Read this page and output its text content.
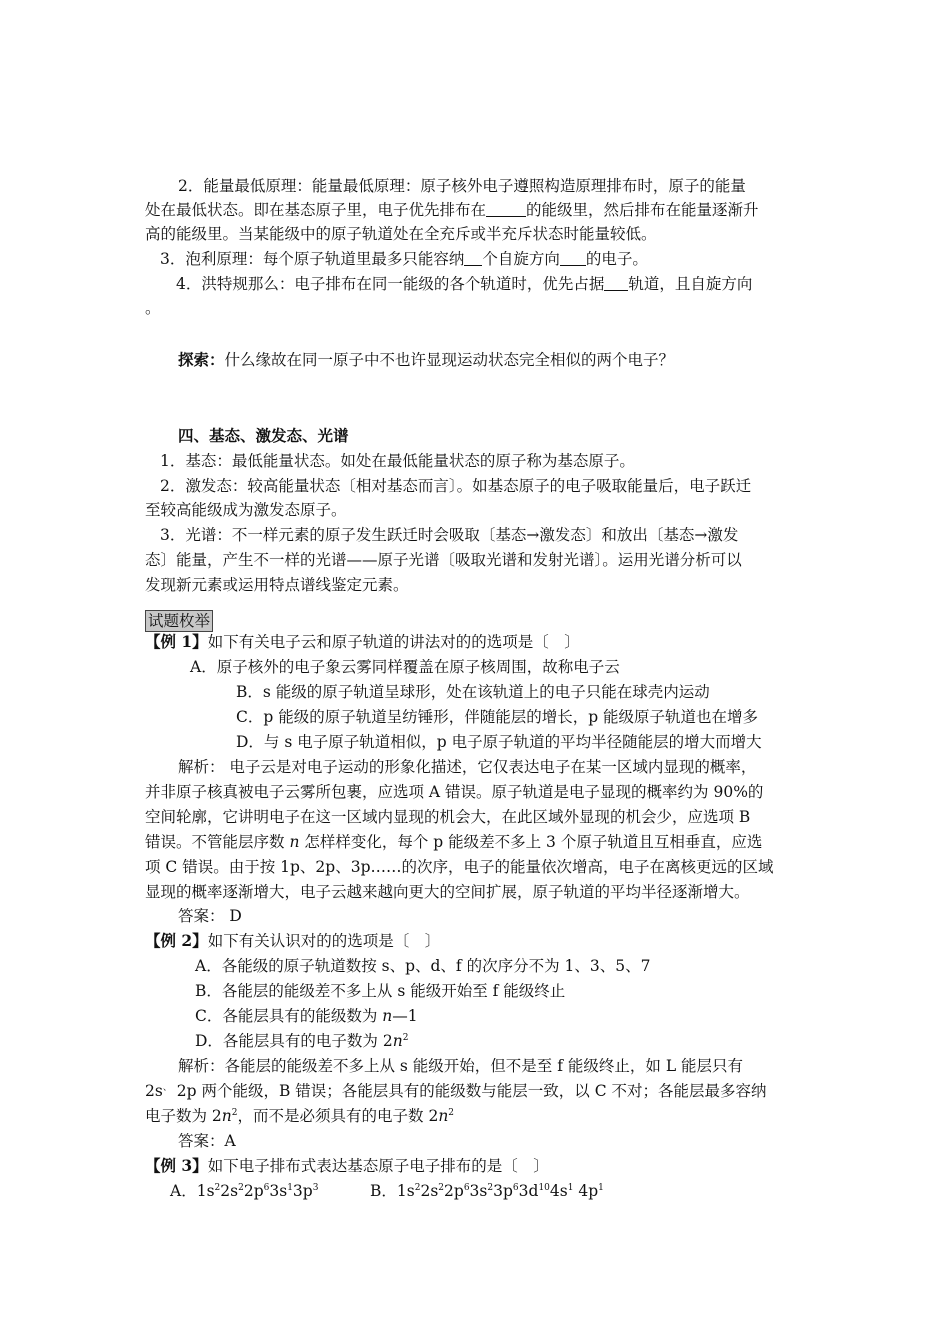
2．能量最低原理：能量最低原理：原子核外电子遵照构造原理排布时，原子的能量
处在最低状态。即在基态原子里，电子优先排布在	的能级里，然后排布在能量逐渐升
高的能级里。当某能级中的原子轨道处在全充斥或半充斥状态时能量较低。
3．泡利原理：每个原子轨道里最多只能容纳 个自旋方向 的电子。
4．洪特规那么：电子排布在同一能级的各个轨道时，优先占据 轨道，且自旋方向
。
探索：什么缘故在同一原子中不也许显现运动状态完全相似的两个电子？
四、基态、激发态、光谱
1．基态：最低能量状态。如处在最低能量状态的原子称为基态原子。
2．激发态：较高能量状态〔相对基态而言〕。如基态原子的电子吸取能量后，电子跃迁
至较高能级成为激发态原子。
3．光谱：不一样元素的原子发生跃迁时会吸取〔基态→激发态〕和放出〔基态→激发
态〕能量，产生不一样的光谱——原子光谱〔吸取光谱和发射光谱〕。运用光谱分析可以
发现新元素或运用特点谱线鉴定元素。
试题枚举
【例 1】如下有关电子云和原子轨道的讲法对的的选项是〔　〕
A．原子核外的电子象云雾同样覆盖在原子核周围，故称电子云
B．s 能级的原子轨道呈球形，处在该轨道上的电子只能在球壳内运动
C．p 能级的原子轨道呈纺锤形，伴随能层的增长，p 能级原子轨道也在增多
D．与 s 电子原子轨道相似，p 电子原子轨道的平均半径随能层的增大而增大
解析： 电子云是对电子运动的形象化描述，它仅表达电子在某一区域内显现的概率，
并非原子核真被电子云雾所包裹，应选项 A 错误。原子轨道是电子显现的概率约为 90%的
空间轮廓，它讲明电子在这一区域内显现的机会大，在此区域外显现的机会少，应选项 B
错误。不管能层序数 n 怎样样变化，每个 p 能级差不多上 3 个原子轨道且互相垂直，应选
项 C 错误。由于按 1p、2p、3p……的次序，电子的能量依次增高，电子在离核更远的区域
显现的概率逐渐增大，电子云越来越向更大的空间扩展，原子轨道的平均半径逐渐增大。
答案： D
【例 2】如下有关认识对的的选项是〔　〕
A．各能级的原子轨道数按 s、p、d、f 的次序分不为 1、3、5、7
B．各能层的能级差不多上从 s 能级开始至 f 能级终止
C．各能层具有的能级数为 n—1
D．各能层具有的电子数为 $2n^2$
解析：各能层的能级差不多上从 s 能级开始，但不是至 f 能级终止，如 L 能层只有
2s、 2p 两个能级，B 错误；各能层具有的能级数与能层一致，以 C 不对；各能层最多容纳
电子数为 $2n^2$，而不是必须具有的电子数 $2n^2$
答案：A
【例 3】如下电子排布式表达基态原子电子排布的是〔　〕
A．$1s^22s^22p^63s^13p^3$	B．$1s^22s^22p^63s^23p^63d^{10}4s^1$ $4p^1$
